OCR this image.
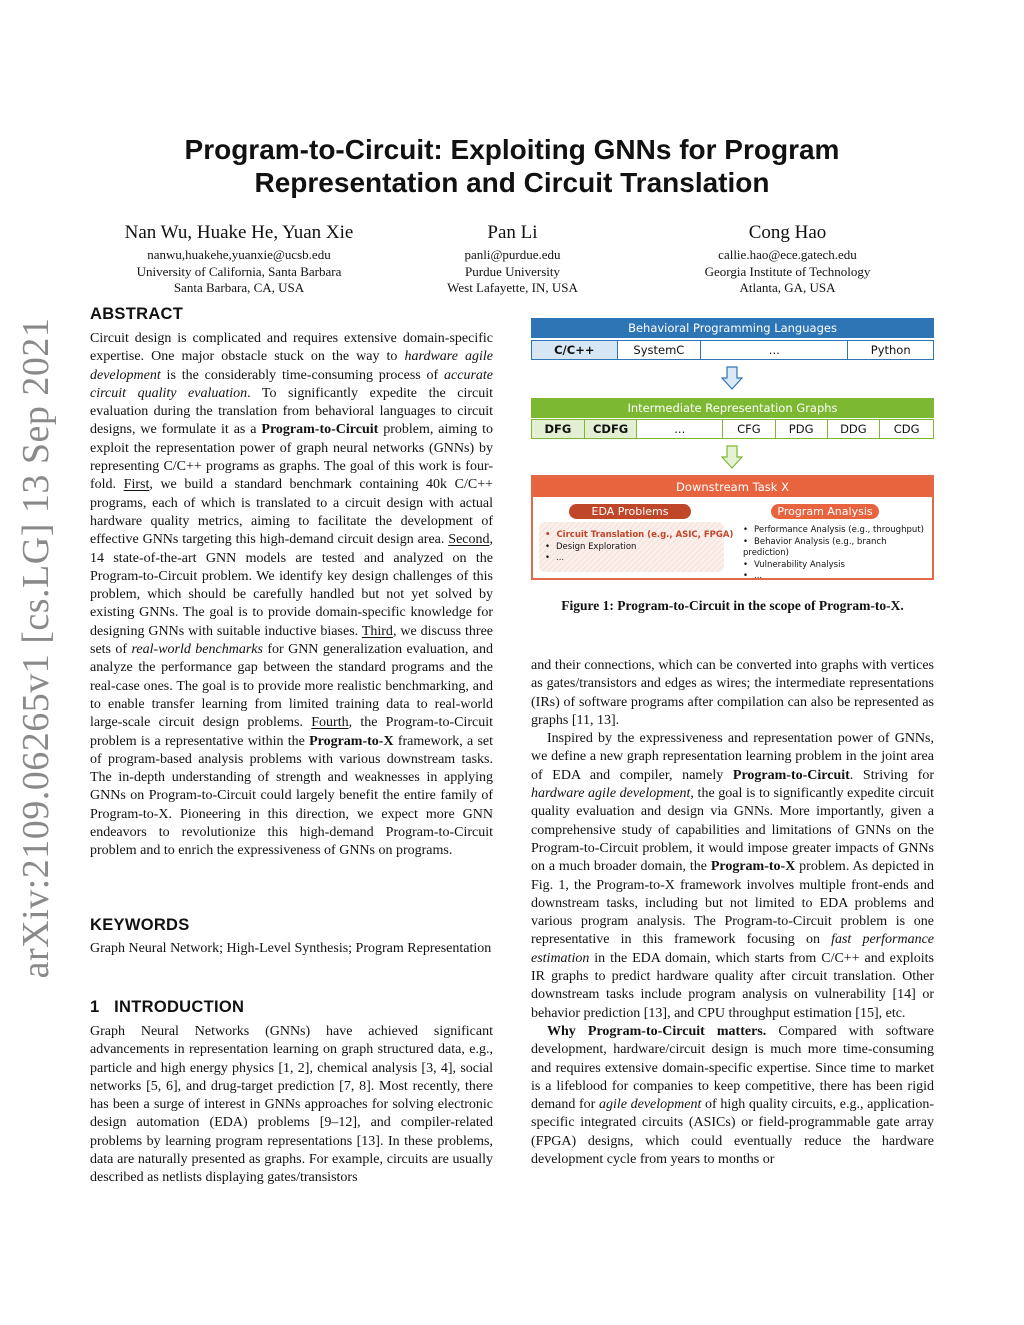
arXiv:2109.06265v1 [cs.LG] 13 Sep 2021
Program-to-Circuit: Exploiting GNNs for Program
Representation and Circuit Translation
Nan Wu, Huake He, Yuan Xie
nanwu,huakehe,yuanxie@ucsb.edu
University of California, Santa Barbara
Santa Barbara, CA, USA
Pan Li
panli@purdue.edu
Purdue University
West Lafayette, IN, USA
Cong Hao
callie.hao@ece.gatech.edu
Georgia Institute of Technology
Atlanta, GA, USA
ABSTRACT

Circuit design is complicated and requires extensive domain-specific expertise. One major obstacle stuck on the way to hardware agile development is the considerably time-consuming process of accurate circuit quality evaluation. To significantly expedite the circuit evaluation during the translation from behavioral languages to circuit designs, we formulate it as a Program-to-Circuit problem, aiming to exploit the representation power of graph neural networks (GNNs) by representing C/C++ programs as graphs. The goal of this work is four-fold. First, we build a standard benchmark containing 40k C/C++ programs, each of which is translated to a circuit design with actual hardware quality metrics, aiming to facilitate the development of effective GNNs targeting this high-demand circuit design area. Second, 14 state-of-the-art GNN models are tested and analyzed on the Program-to-Circuit problem. We identify key design challenges of this problem, which should be carefully handled but not yet solved by existing GNNs. The goal is to provide domain-specific knowledge for designing GNNs with suitable inductive biases. Third, we discuss three sets of real-world benchmarks for GNN generalization evaluation, and analyze the performance gap between the standard programs and the real-case ones. The goal is to provide more realistic benchmarking, and to enable transfer learning from limited training data to real-world large-scale circuit design problems. Fourth, the Program-to-Circuit problem is a representative within the Program-to-X framework, a set of program-based analysis problems with various downstream tasks. The in-depth understanding of strength and weaknesses in applying GNNs on Program-to-Circuit could largely benefit the entire family of Program-to-X. Pioneering in this direction, we expect more GNN endeavors to revolutionize this high-demand Program-to-Circuit problem and to enrich the expressiveness of GNNs on programs.

KEYWORDS
Graph Neural Network; High-Level Synthesis; Program Representation
1 INTRODUCTION
Graph Neural Networks (GNNs) have achieved significant advancements in representation learning on graph structured data, e.g., particle and high energy physics [1, 2], chemical analysis [3, 4], social networks [5, 6], and drug-target prediction [7, 8]. Most recently, there has been a surge of interest in GNNs approaches for solving electronic design automation (EDA) problems [9–12], and compiler-related problems by learning program representations [13]. In these problems, data are naturally presented as graphs. For example, circuits are usually described as netlists displaying gates/transistors
Behavioral Programming Languages
C/C++	SystemC	...	Python
Intermediate Representation Graphs
DFG	CDFG	...	CFG	PDG	DDG	CDG
Downstream Task X
EDA Problems
• Circuit Translation (e.g., ASIC, FPGA)
• Design Exploration
• ...
Program Analysis
• Performance Analysis (e.g., throughput)
• Behavior Analysis (e.g., branch prediction)
• Vulnerability Analysis
• ...
Figure 1: Program-to-Circuit in the scope of Program-to-X.

and their connections, which can be converted into graphs with vertices as gates/transistors and edges as wires; the intermediate representations (IRs) of software programs after compilation can also be represented as graphs [11, 13].

Inspired by the expressiveness and representation power of GNNs, we define a new graph representation learning problem in the joint area of EDA and compiler, namely Program-to-Circuit. Striving for hardware agile development, the goal is to significantly expedite circuit quality evaluation and design via GNNs. More importantly, given a comprehensive study of capabilities and limitations of GNNs on the Program-to-Circuit problem, it would impose greater impacts of GNNs on a much broader domain, the Program-to-X problem. As depicted in Fig. 1, the Program-to-X framework involves multiple front-ends and downstream tasks, including but not limited to EDA problems and various program analysis. The Program-to-Circuit problem is one representative in this framework focusing on fast performance estimation in the EDA domain, which starts from C/C++ and exploits IR graphs to predict hardware quality after circuit translation. Other downstream tasks include program analysis on vulnerability [14] or behavior prediction [13], and CPU throughput estimation [15], etc.

Why Program-to-Circuit matters. Compared with software development, hardware/circuit design is much more time-consuming and requires extensive domain-specific expertise. Since time to market is a lifeblood for companies to keep competitive, there has been rigid demand for agile development of high quality circuits, e.g., application-specific integrated circuits (ASICs) or field-programmable gate array (FPGA) designs, which could eventually reduce the hardware development cycle from years to months or
